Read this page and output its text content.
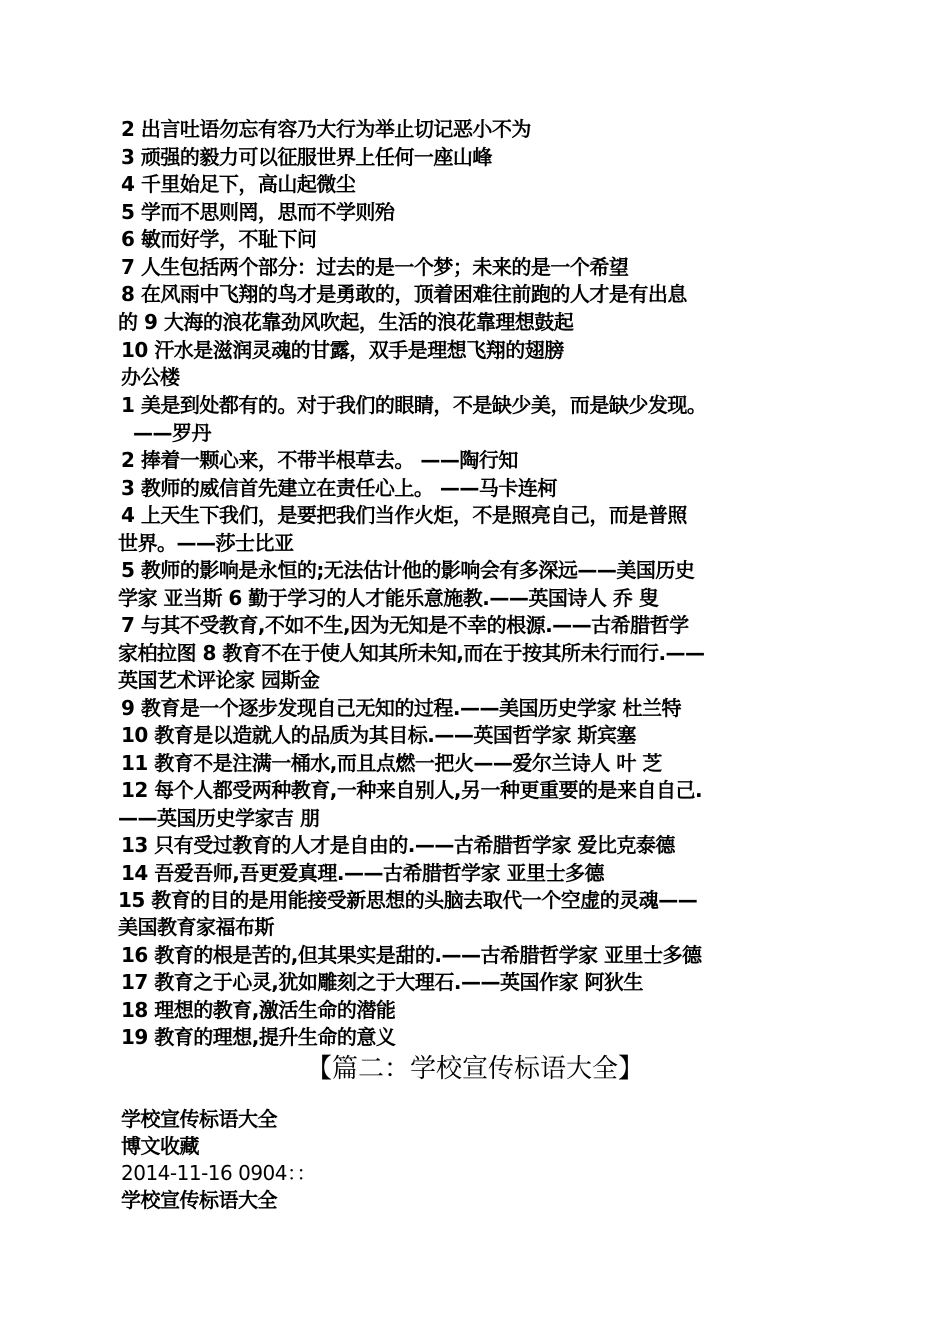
2 出言吐语勿忘有容乃大行为举止切记恶小不为
3 顽强的毅力可以征服世界上任何一座山峰
4 千里始足下，高山起微尘
5 学而不思则罔，思而不学则殆
6 敏而好学，不耻下问
7 人生包括两个部分：过去的是一个梦；未来的是一个希望
8 在风雨中飞翔的鸟才是勇敢的，顶着困难往前跑的人才是有出息
的 9 大海的浪花靠劲风吹起，生活的浪花靠理想鼓起
10 汗水是滋润灵魂的甘露，双手是理想飞翔的翅膀
办公楼
1 美是到处都有的。对于我们的眼睛，不是缺少美，而是缺少发现。
——罗丹
2 捧着一颗心来，不带半根草去。 ——陶行知
3 教师的威信首先建立在责任心上。 ——马卡连柯
4 上天生下我们，是要把我们当作火炬，不是照亮自己，而是普照
世界。——莎士比亚
5 教师的影响是永恒的;无法估计他的影响会有多深远——美国历史
学家 亚当斯 6 勤于学习的人才能乐意施教.——英国诗人 乔 叟
7 与其不受教育,不如不生,因为无知是不幸的根源.——古希腊哲学
家柏拉图 8 教育不在于使人知其所未知,而在于按其所未行而行.——
英国艺术评论家 园斯金
9 教育是一个逐步发现自己无知的过程.——美国历史学家 杜兰特
10 教育是以造就人的品质为其目标.——英国哲学家 斯宾塞
11 教育不是注满一桶水,而且点燃一把火——爱尔兰诗人 叶 芝
12 每个人都受两种教育,一种来自别人,另一种更重要的是来自自己.
——英国历史学家吉 朋
13 只有受过教育的人才是自由的.——古希腊哲学家 爱比克泰德
14 吾爱吾师,吾更爱真理.——古希腊哲学家 亚里士多德
15 教育的目的是用能接受新思想的头脑去取代一个空虚的灵魂——
美国教育家福布斯
16 教育的根是苦的,但其果实是甜的.——古希腊哲学家 亚里士多德
17 教育之于心灵,犹如雕刻之于大理石.——英国作家 阿狄生
18 理想的教育,激活生命的潜能
19 教育的理想,提升生命的意义
【篇二：学校宣传标语大全】
学校宣传标语大全
博文收藏
2014-11-16 0904：：
学校宣传标语大全
